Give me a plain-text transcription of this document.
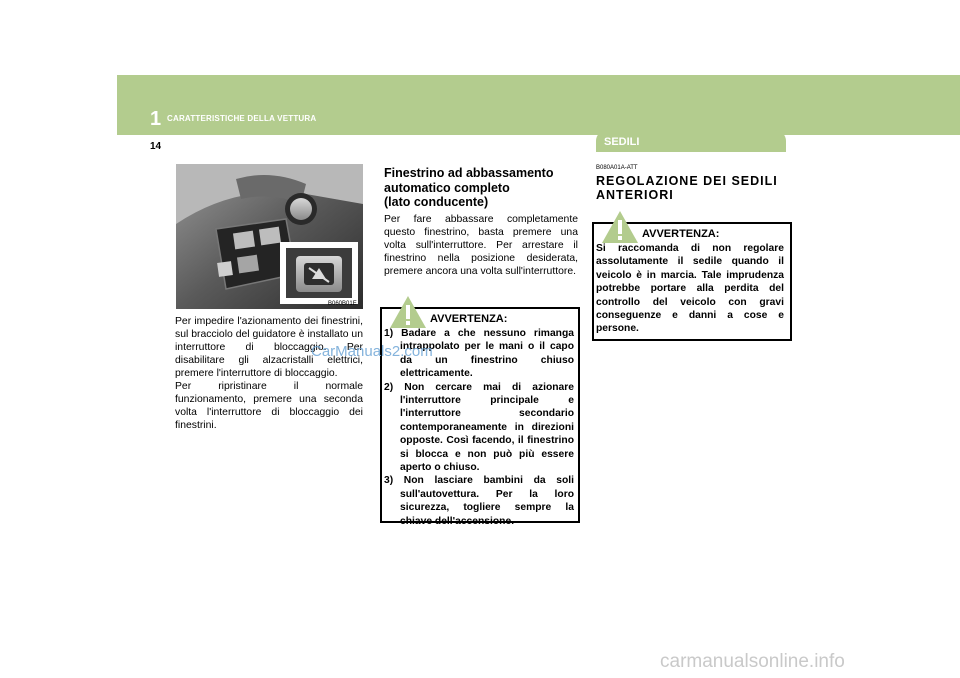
1 CARATTERISTICHE DELLA VETTURA
14	SEDILI
B060B01E

Per impedire l'azionamento dei finestrini, sul bracciolo del guidatore è installato un interruttore di bloccaggio. Per disabilitare gli alzacristalli elettrici, premere l'interruttore di bloccaggio.

Per ripristinare il normale funzionamento, premere una seconda volta l'interruttore di bloccaggio dei finestrini.

Finestrino ad abbassamento
automatico completo
(lato conducente)
Per fare abbassare completamente questo finestrino, basta premere una volta sull'interruttore. Per arrestare il finestrino nella posizione desiderata, premere ancora una volta sull'interruttore.
AVVERTENZA:
1) Badare a che nessuno rimanga intrappolato per le mani o il capo da un finestrino chiuso elettricamente.
2) Non cercare mai di azionare l'interruttore principale e l'interruttore secondario contemporaneamente in direzioni opposte. Così facendo, il finestrino si blocca e non può più essere aperto o chiuso.
3) Non lasciare bambini da soli sull'autovettura. Per la loro sicurezza, togliere sempre la chiave dell'accensione.
B080A01A-ATT
REGOLAZIONE DEI SEDILI
ANTERIORI
AVVERTENZA:
Si raccomanda di non regolare assolutamente il sedile quando il veicolo è in marcia. Tale imprudenza potrebbe portare alla perdita del controllo del veicolo con gravi conseguenze e danni a cose e persone.
CarManuals2.com
carmanualsonline.info
